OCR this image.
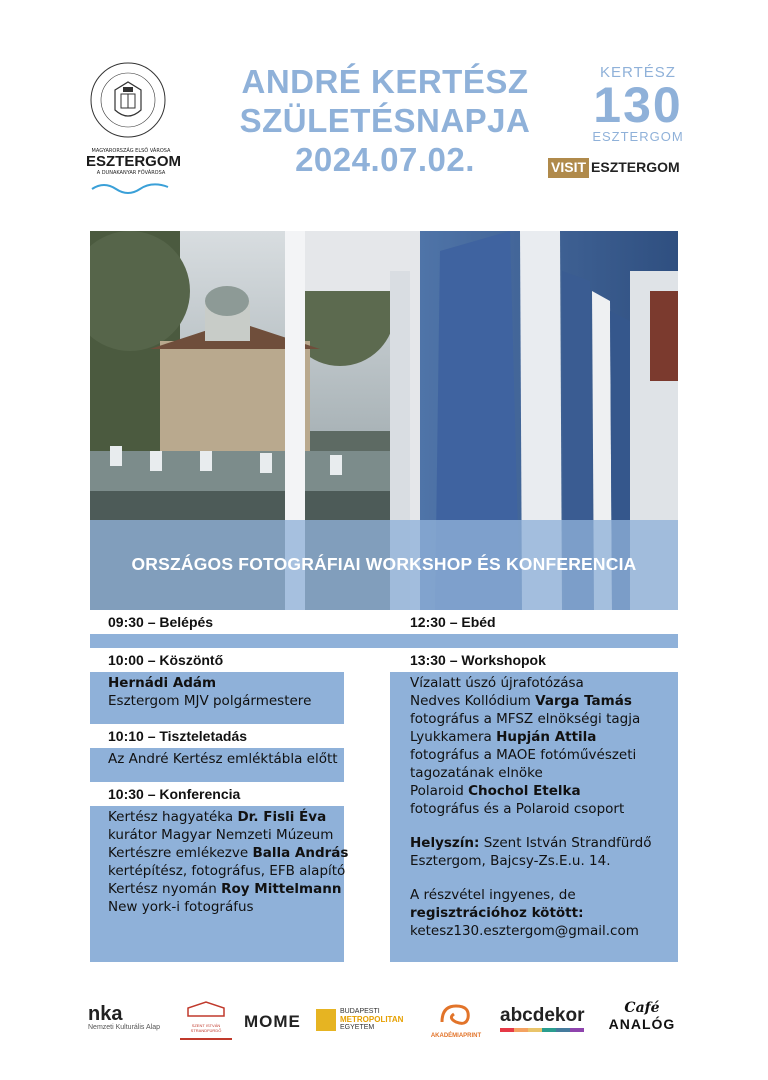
MAGYARORSZÁG ELSŐ VÁROSA
ESZTERGOM
A DUNAKANYAR FŐVÁROSA
ANDRÉ KERTÉSZ
SZÜLETÉSNAPJA
2024.07.02.
KERTÉSZ
130
ESZTERGOM
VISIT ESZTERGOM
ORSZÁGOS FOTOGRÁFIAI WORKSHOP ÉS KONFERENCIA
09:30 – Belépés
10:00 – Köszöntő
Hernádi Adám
Esztergom MJV polgármestere
10:10 – Tiszteletadás
Az André Kertész emléktábla előtt
10:30 – Konferencia
Kertész hagyatéka Dr. Fisli Éva
kurátor Magyar Nemzeti Múzeum
Kertészre emlékezve Balla András
kertépítész, fotográfus, EFB alapító
Kertész nyomán Roy Mittelmann
New york-i fotográfus
12:30 – Ebéd
13:30 – Workshopok
Vízalatt úszó újrafotózása
Nedves Kollódium Varga Tamás
fotográfus a MFSZ elnökségi tagja
Lyukkamera Hupján Attila
fotográfus a MAOE fotóművészeti
tagozatának elnöke
Polaroid Chochol Etelka
fotográfus és a Polaroid csoport
Helyszín: Szent István Strandfürdő
Esztergom, Bajcsy-Zs.E.u. 14.
A részvétel ingyenes, de
regisztrációhoz kötött:
ketesz130.esztergom@gmail.com
nka
Nemzeti Kulturális Alap	SZENT ISTVÁN STRANDFÜRDŐ	MOME
BUDAPESTI
METROPOLITAN
EGYETEM
AKADÉMIAPRINT
abcdekor	Café
ANALÓG
